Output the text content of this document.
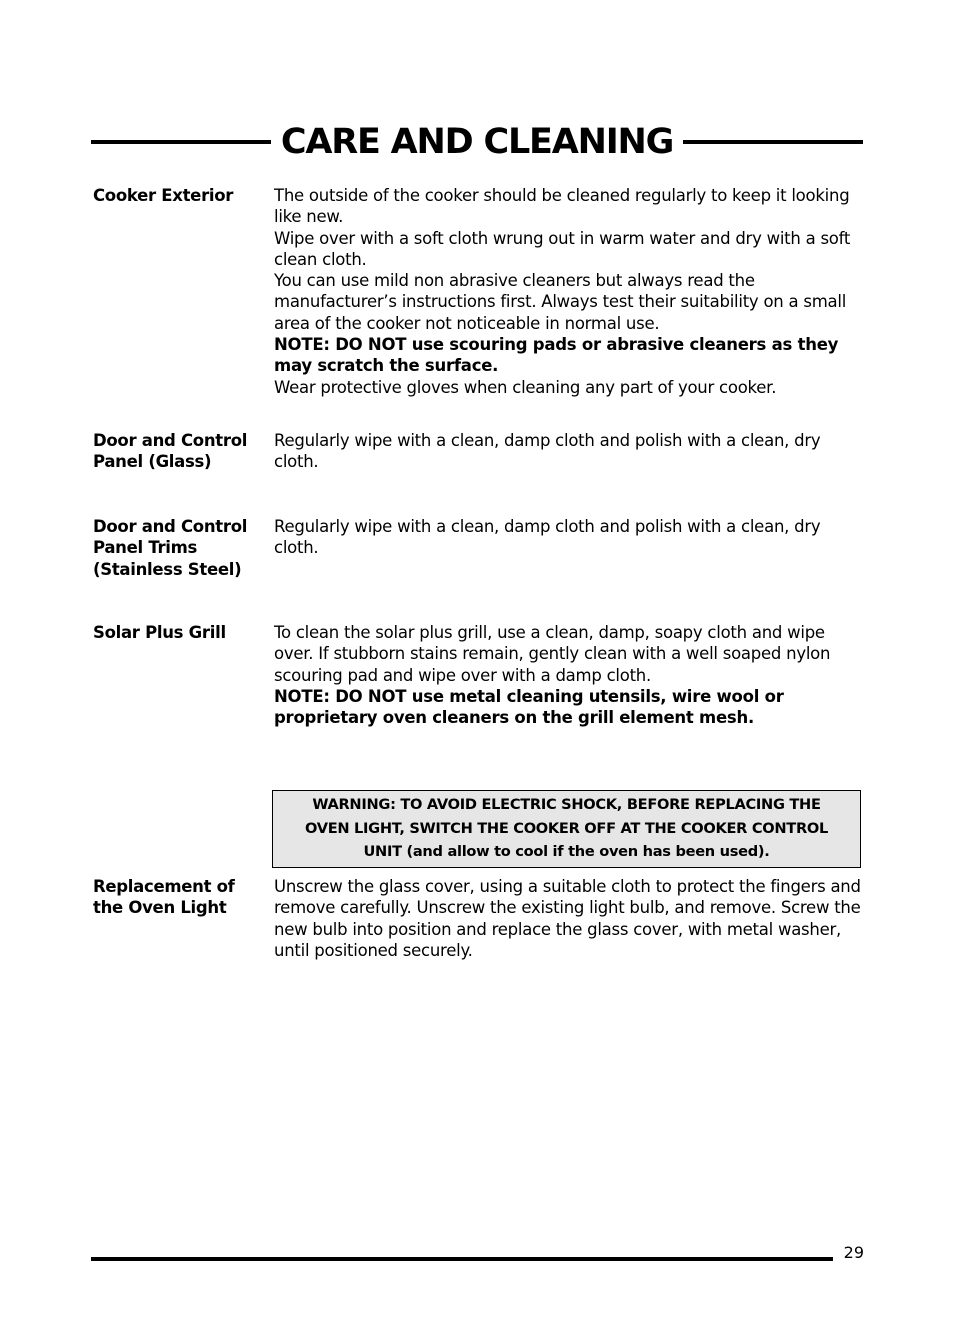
CARE AND CLEANING
Cooker Exterior	The outside of the cooker should be cleaned regularly to keep it looking like new.

Wipe over with a soft cloth wrung out in warm water and dry with a soft clean cloth.

You can use mild non abrasive cleaners but always read the manufacturer’s instructions first. Always test their suitability on a small area of the cooker not noticeable in normal use.

NOTE: DO NOT use scouring pads or abrasive cleaners as they may scratch the surface.

Wear protective gloves when cleaning any part of your cooker.

Door and Control
Panel (Glass)

Regularly wipe with a clean, damp cloth and polish with a clean, dry cloth.

Door and Control
Panel Trims
(Stainless Steel)

Regularly wipe with a clean, damp cloth and polish with a clean, dry cloth.

Solar Plus Grill	To clean the solar plus grill, use a clean, damp, soapy cloth and wipe over. If stubborn stains remain, gently clean with a well soaped nylon scouring pad and wipe over with a damp cloth.

NOTE: DO NOT use metal cleaning utensils, wire wool or proprietary oven cleaners on the grill element mesh.

WARNING: TO AVOID ELECTRIC SHOCK, BEFORE REPLACING THE
OVEN LIGHT, SWITCH THE COOKER OFF AT THE COOKER CONTROL
UNIT (and allow to cool if the oven has been used).
Replacement of
the Oven Light

Unscrew the glass cover, using a suitable cloth to protect the fingers and remove carefully. Unscrew the existing light bulb, and remove. Screw the new bulb into position and replace the glass cover, with metal washer, until positioned securely.

29
